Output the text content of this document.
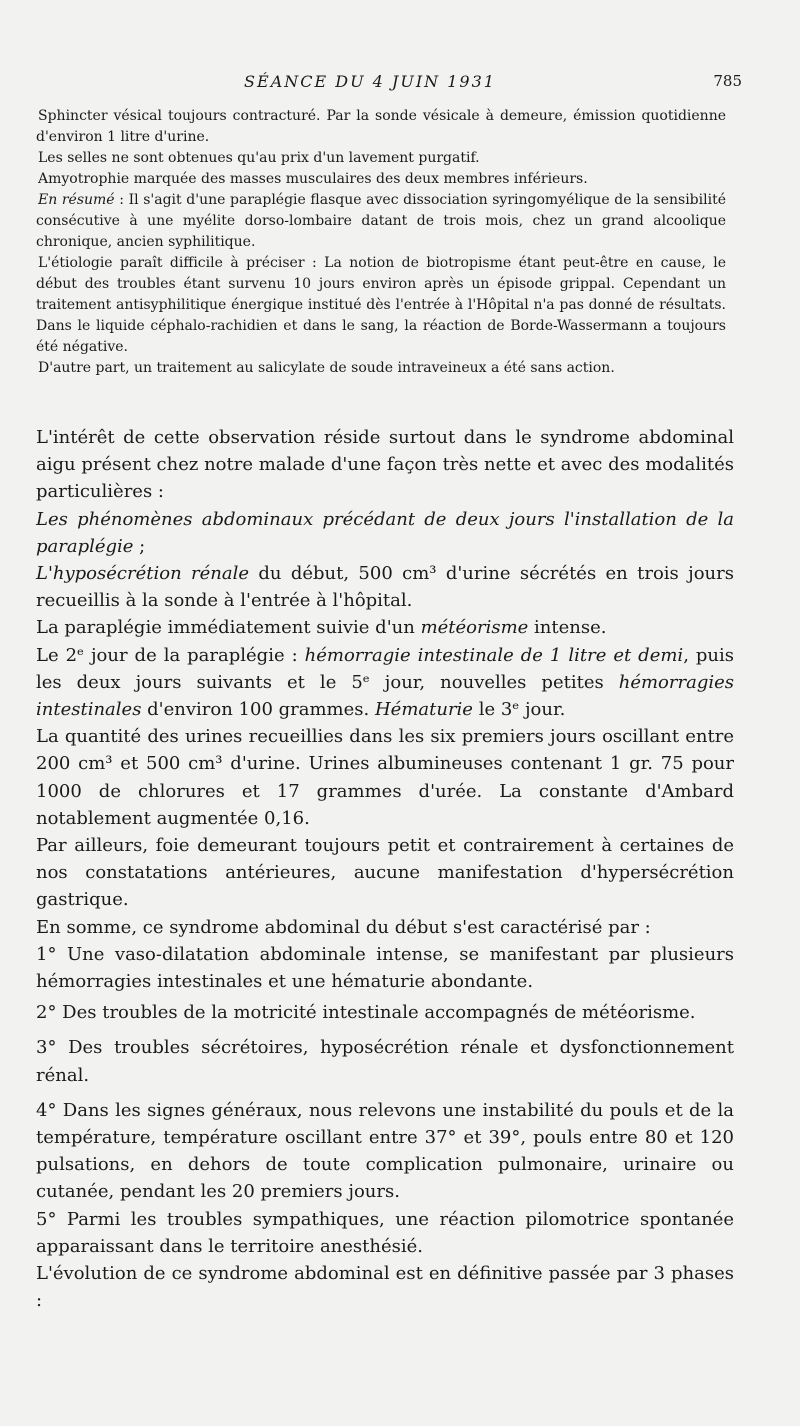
SÉANCE DU 4 JUIN 1931	785

Sphincter vésical toujours contracturé. Par la sonde vésicale à demeure, émission quotidienne d'environ 1 litre d'urine.

Les selles ne sont obtenues qu'au prix d'un lavement purgatif.

Amyotrophie marquée des masses musculaires des deux membres inférieurs.

En résumé : Il s'agit d'une paraplégie flasque avec dissociation syringomyélique de la sensibilité consécutive à une myélite dorso-lombaire datant de trois mois, chez un grand alcoolique chronique, ancien syphilitique.

L'étiologie paraît difficile à préciser : La notion de biotropisme étant peut-être en cause, le début des troubles étant survenu 10 jours environ après un épisode grippal. Cependant un traitement antisyphilitique énergique institué dès l'entrée à l'Hôpital n'a pas donné de résultats. Dans le liquide céphalo-rachidien et dans le sang, la réaction de Borde-Wassermann a toujours été négative.

D'autre part, un traitement au salicylate de soude intraveineux a été sans action.

L'intérêt de cette observation réside surtout dans le syndrome abdominal aigu présent chez notre malade d'une façon très nette et avec des modalités particulières :

Les phénomènes abdominaux précédant de deux jours l'installation de la paraplégie ;

L'hyposécrétion rénale du début, 500 cm³ d'urine sécrétés en trois jours recueillis à la sonde à l'entrée à l'hôpital.

La paraplégie immédiatement suivie d'un météorisme intense.

Le 2ᵉ jour de la paraplégie : hémorragie intestinale de 1 litre et demi, puis les deux jours suivants et le 5ᵉ jour, nouvelles petites hémorragies intestinales d'environ 100 grammes. Hématurie le 3ᵉ jour.

La quantité des urines recueillies dans les six premiers jours oscillant entre 200 cm³ et 500 cm³ d'urine. Urines albumineuses contenant 1 gr. 75 pour 1000 de chlorures et 17 grammes d'urée. La constante d'Ambard notablement augmentée 0,16.

Par ailleurs, foie demeurant toujours petit et contrairement à certaines de nos constatations antérieures, aucune manifestation d'hypersécrétion gastrique.

En somme, ce syndrome abdominal du début s'est caractérisé par :

1° Une vaso-dilatation abdominale intense, se manifestant par plusieurs hémorragies intestinales et une hématurie abondante.

2° Des troubles de la motricité intestinale accompagnés de météorisme.

3° Des troubles sécrétoires, hyposécrétion rénale et dysfonctionnement rénal.

4° Dans les signes généraux, nous relevons une instabilité du pouls et de la température, température oscillant entre 37° et 39°, pouls entre 80 et 120 pulsations, en dehors de toute complication pulmonaire, urinaire ou cutanée, pendant les 20 premiers jours.

5° Parmi les troubles sympathiques, une réaction pilomotrice spontanée apparaissant dans le territoire anesthésié.

L'évolution de ce syndrome abdominal est en définitive passée par 3 phases :
